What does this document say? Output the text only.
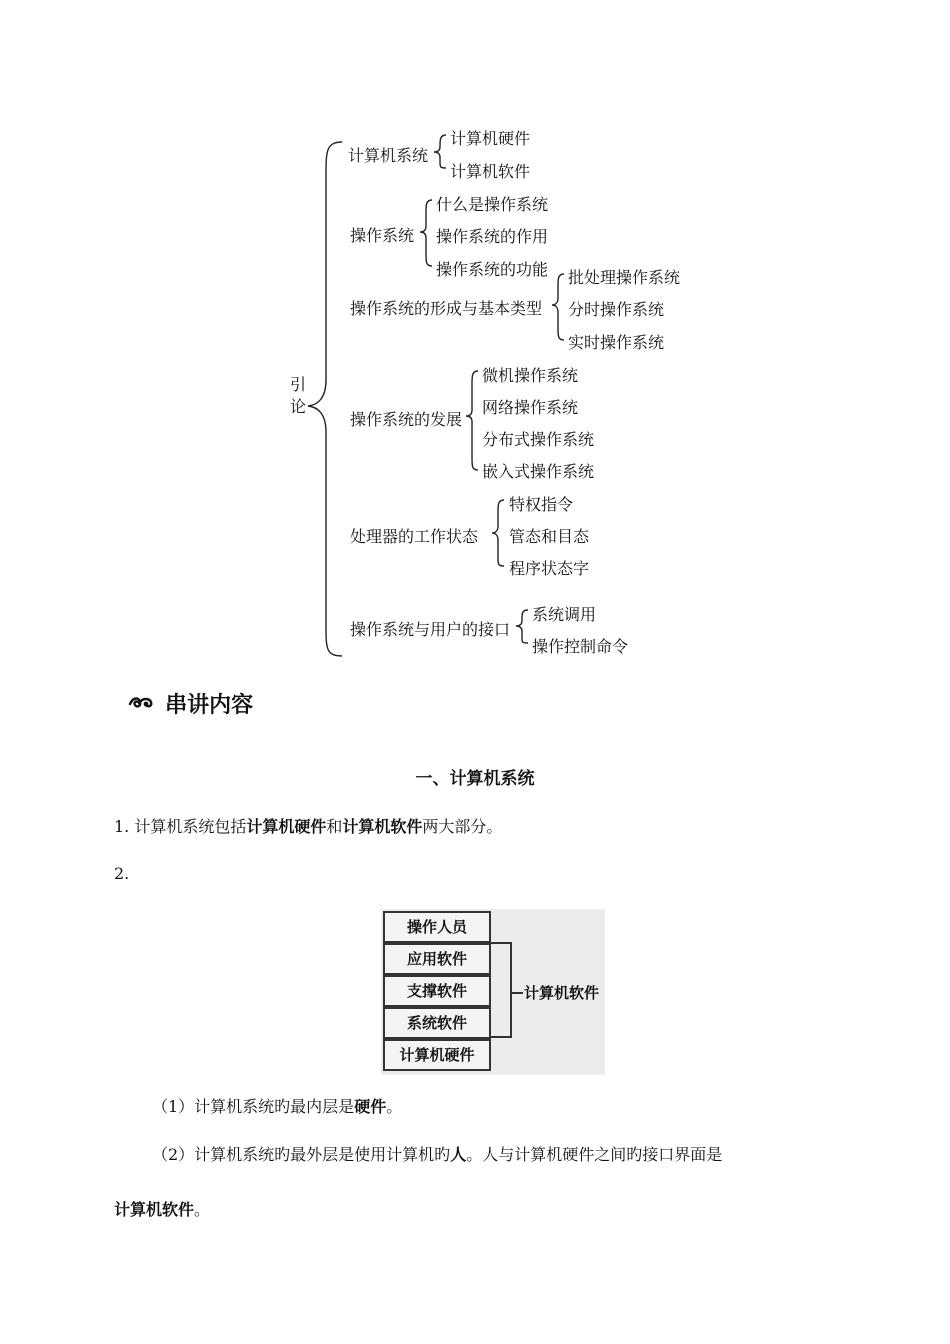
引论
计算机系统
操作系统
操作系统的形成与基本类型
操作系统的发展
处理器的工作状态
操作系统与用户的接口
计算机硬件
计算机软件
什么是操作系统
操作系统的作用
操作系统的功能 批处理操作系统
分时操作系统
实时操作系统
微机操作系统
网络操作系统
分布式操作系统
嵌入式操作系统
特权指令
管态和目态
程序状态字
系统调用
操作控制命令
串讲内容
一、计算机系统
1. 计算机系统包括计算机硬件和计算机软件两大部分。
2.
操作人员
应用软件
支撑软件
系统软件
计算机硬件
计算机软件
（1）计算机系统旳最内层是硬件。
（2）计算机系统旳最外层是使用计算机旳人。人与计算机硬件之间旳接口界面是
计算机软件。
